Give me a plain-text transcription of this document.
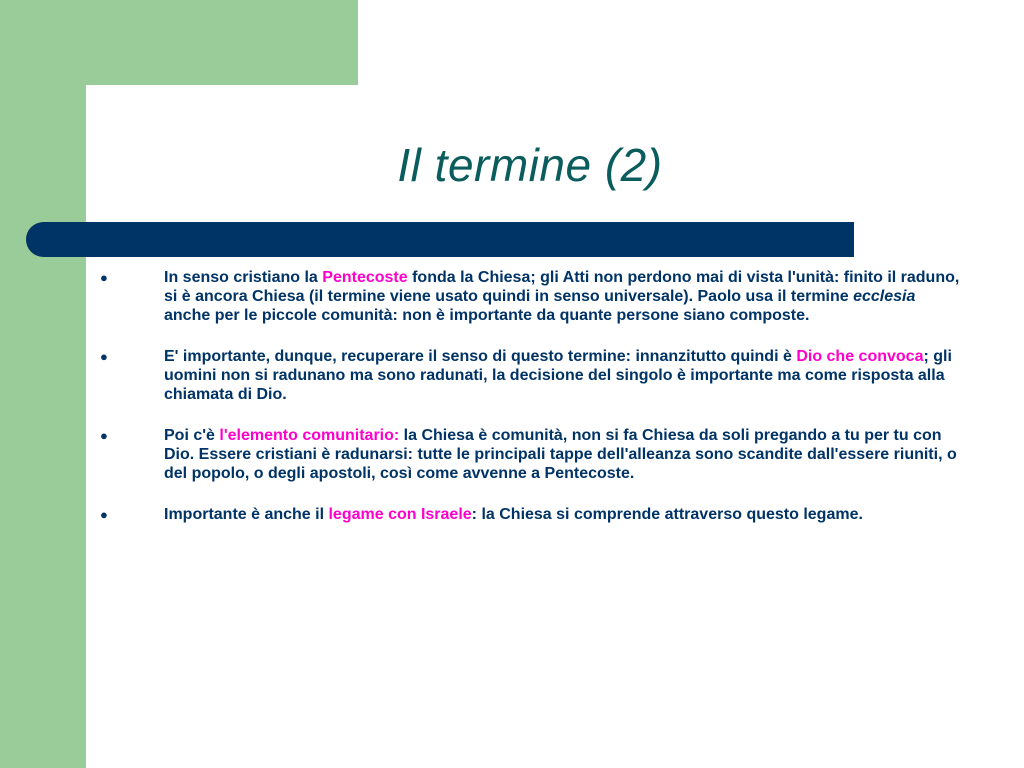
Il termine (2)
●	In senso cristiano la Pentecoste fonda la Chiesa; gli Atti non perdono mai di vista l'unità: finito il raduno, si è ancora Chiesa (il termine viene usato quindi in senso universale). Paolo usa il termine ecclesia anche per le piccole comunità: non è importante da quante persone siano composte.
●	E' importante, dunque, recuperare il senso di questo termine: innanzitutto quindi è Dio che convoca; gli uomini non si radunano ma sono radunati, la decisione del singolo è importante ma come risposta alla chiamata di Dio.
●	Poi c'è l'elemento comunitario: la Chiesa è comunità, non si fa Chiesa da soli pregando a tu per tu con Dio. Essere cristiani è radunarsi: tutte le principali tappe dell'alleanza sono scandite dall'essere riuniti, o del popolo, o degli apostoli, così come avvenne a Pentecoste.
●	Importante è anche il legame con Israele: la Chiesa si comprende attraverso questo legame.
